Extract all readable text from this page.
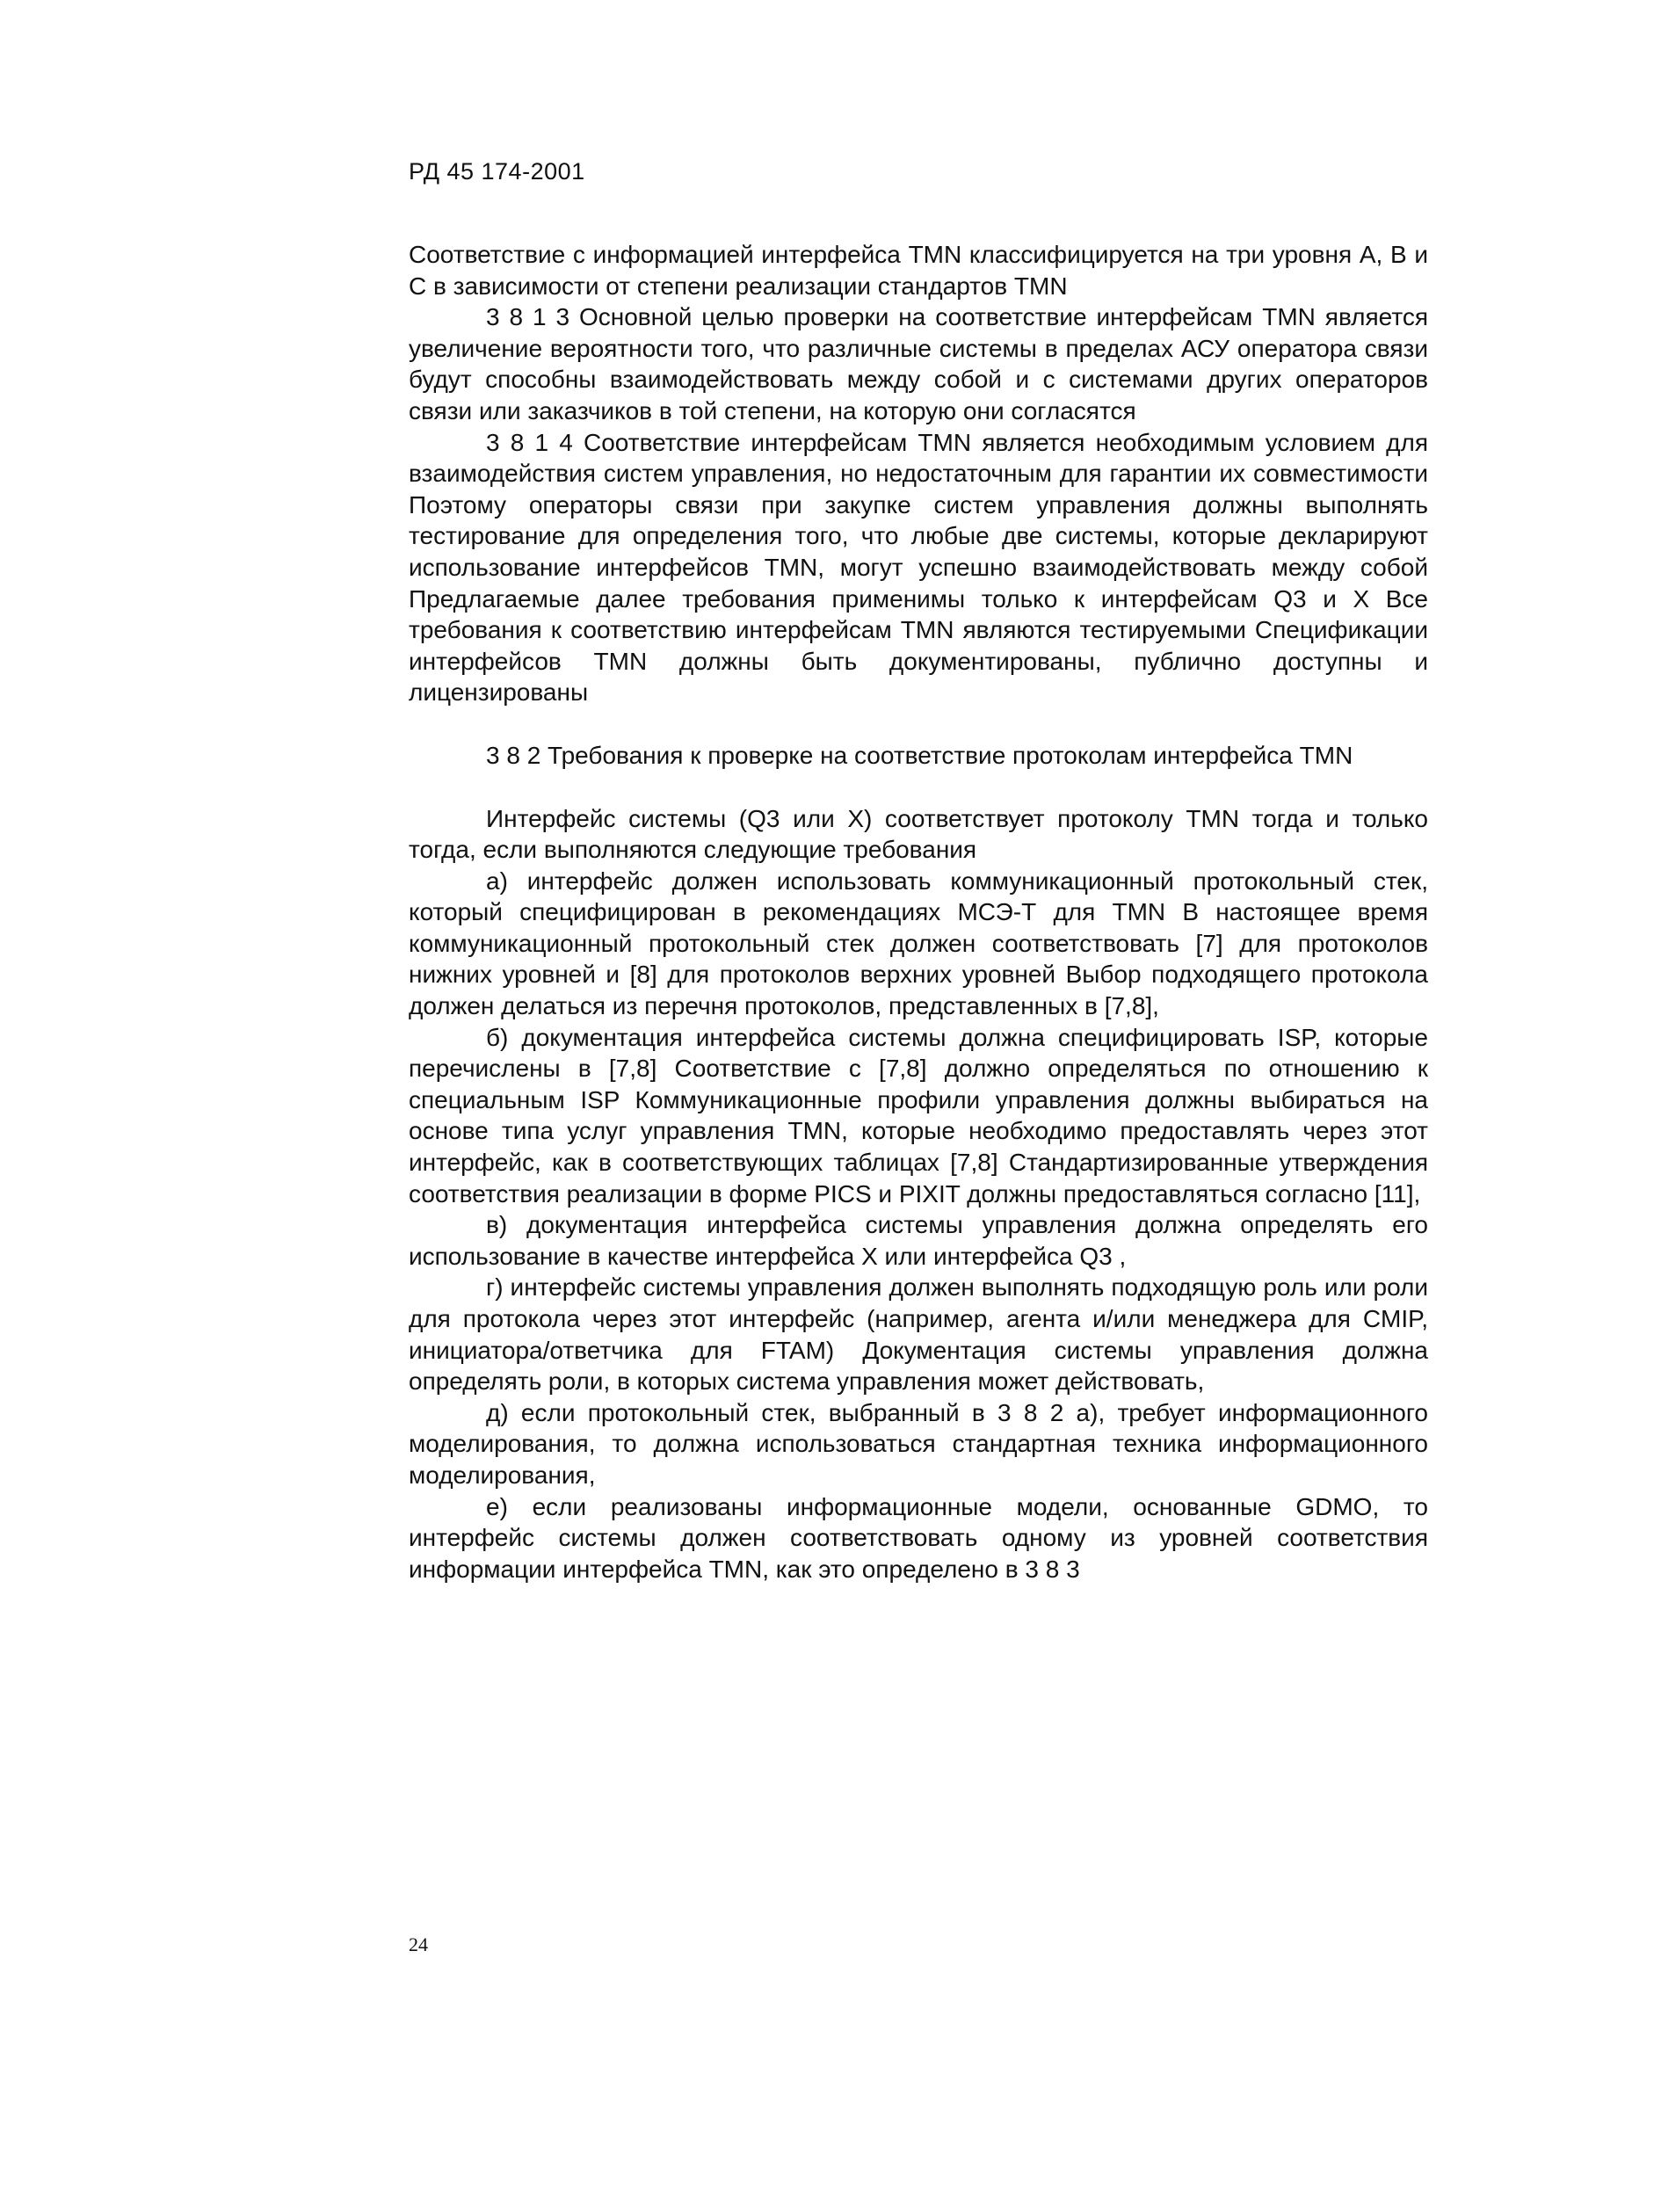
РД 45 174-2001

Соответствие с информацией интерфейса TMN классифицируется на три уровня A, B и C в зависимости от степени реализации стандартов TMN

3 8 1 3 Основной целью проверки на соответствие интерфейсам TMN является увеличение вероятности того, что различные системы в пределах АСУ оператора связи будут способны взаимодействовать между собой и с системами других операторов связи или заказчиков в той степени, на которую они согласятся

3 8 1 4 Соответствие интерфейсам TMN является необходимым условием для взаимодействия систем управления, но недостаточным для гарантии их совместимости Поэтому операторы связи при закупке систем управления должны выполнять тестирование для определения того, что любые две системы, которые декларируют использование интерфейсов TMN, могут успешно взаимодействовать между собой Предлагаемые далее требования применимы только к интерфейсам Q3 и X Все требования к соответствию интерфейсам TMN являются тестируемыми Спецификации интерфейсов TMN должны быть документированы, публично доступны и лицензированы

3 8 2 Требования к проверке на соответствие протоколам интерфейса TMN

Интерфейс системы (Q3 или X) соответствует протоколу TMN тогда и только тогда, если выполняются следующие требования

а) интерфейс должен использовать коммуникационный протокольный стек, который специфицирован в рекомендациях МСЭ-Т для TMN В настоящее время коммуникационный протокольный стек должен соответствовать [7] для протоколов нижних уровней и [8] для протоколов верхних уровней Выбор подходящего протокола должен делаться из перечня протоколов, представленных в [7,8],

б) документация интерфейса системы должна специфицировать ISP, которые перечислены в [7,8] Соответствие с [7,8] должно определяться по отношению к специальным ISP Коммуникационные профили управления должны выбираться на основе типа услуг управления TMN, которые необходимо предоставлять через этот интерфейс, как в соответствующих таблицах [7,8] Стандартизированные утверждения соответствия реализации в форме PICS и PIXIT должны предоставляться согласно [11],

в) документация интерфейса системы управления должна определять его использование в качестве интерфейса X или интерфейса Q3 ,

г) интерфейс системы управления должен выполнять подходящую роль или роли для протокола через этот интерфейс (например, агента и/или менеджера для CMIP, инициатора/ответчика для FTAM) Документация системы управления должна определять роли, в которых система управления может действовать,

д) если протокольный стек, выбранный в 3 8 2 а), требует информационного моделирования, то должна использоваться стандартная техника информационного моделирования,

е) если реализованы информационные модели, основанные GDMO, то интерфейс системы должен соответствовать одному из уровней соответствия информации интерфейса TMN, как это определено в 3 8 3

24
